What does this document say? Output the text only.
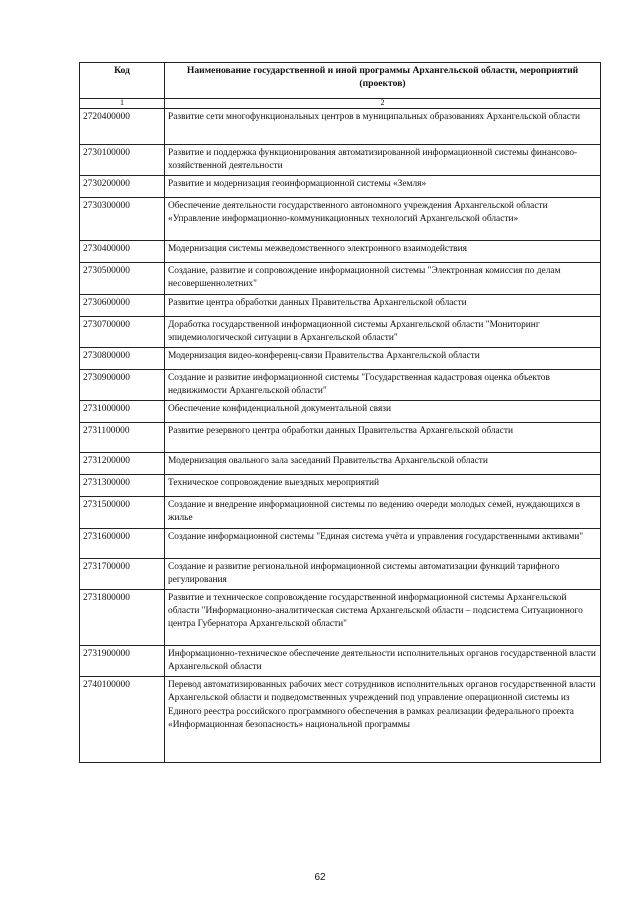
Код	Наименование государственной и иной программы Архангельской области, мероприятий (проектов)
1	2
2720400000	Развитие сети многофункциональных центров в муниципальных образованиях Архангельской области
2730100000	Развитие и поддержка функционирования автоматизированной информационной системы финансово-хозяйственной деятельности
2730200000	Развитие и модернизация геоинформационной системы «Земля»
2730300000	Обеспечение деятельности государственного автономного учреждения Архангельской области «Управление информационно-коммуникационных технологий Архангельской области»
2730400000	Модернизация системы межведомственного электронного взаимодействия
2730500000	Создание, развитие и сопровождение информационной системы "Электронная комиссия по делам несовершеннолетних"
2730600000	Развитие центра обработки данных Правительства Архангельской области
2730700000	Доработка государственной информационной системы Архангельской области "Мониторинг эпидемиологической ситуации в Архангельской области"
2730800000	Модернизация видео-конференц-связи Правительства Архангельской области
2730900000	Создание и развитие информационной системы "Государственная кадастровая оценка объектов недвижимости Архангельской области"
2731000000	Обеспечение конфиденциальной документальной связи
2731100000	Развитие резервного центра обработки данных Правительства Архангельской области
2731200000	Модернизация овального зала заседаний Правительства Архангельской области
2731300000	Техническое сопровождение выездных мероприятий
2731500000	Создание и внедрение информационной системы по ведению очереди молодых семей, нуждающихся в жилье
2731600000	Создание информационной системы "Единая система учёта и управления государственными активами"
2731700000	Создание и развитие региональной информационной системы автоматизации функций тарифного регулирования
2731800000	Развитие и техническое сопровождение государственной информационной системы Архангельской области "Информационно-аналитическая система Архангельской области – подсистема Ситуационного центра Губернатора Архангельской области"
2731900000	Информационно-техническое обеспечение деятельности исполнительных органов государственной власти Архангельской области
2740100000	Перевод автоматизированных рабочих мест сотрудников исполнительных органов государственной власти Архангельской области и подведомственных учреждений под управление операционной системы из Единого реестра российского программного обеспечения в рамках реализации федерального проекта «Информационная безопасность» национальной программы
62
